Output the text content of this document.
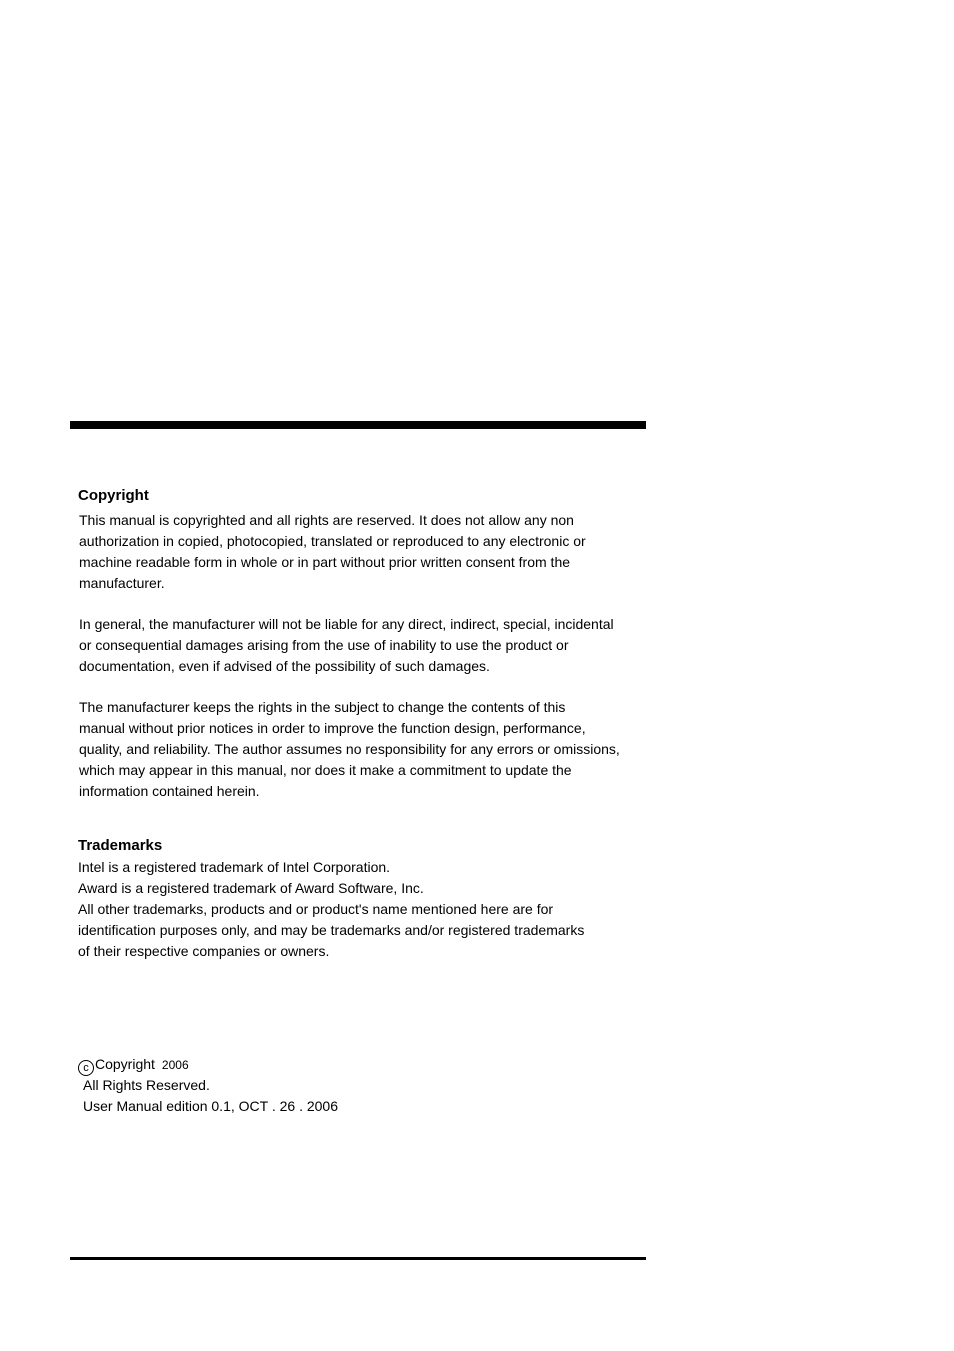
Copyright
This manual is copyrighted and all rights are reserved. It does not allow any non
authorization in copied, photocopied, translated or reproduced to any electronic or
machine readable form in whole or in part without prior written consent from the
manufacturer.
In general, the manufacturer will not be liable for any direct, indirect, special, incidental
or consequential damages arising from the use of inability to use the product or
documentation, even if advised of the possibility of such damages.
The manufacturer keeps the rights in the subject to change the contents of this
manual without prior notices in order to improve the function design, performance,
quality, and reliability. The author assumes no responsibility for any errors or omissions,
which may appear in this manual, nor does it make a commitment to update the
information contained herein.
Trademarks
Intel is a registered trademark of Intel Corporation.
Award is a registered trademark of Award Software, Inc.
All other trademarks, products and or product's name mentioned here are for
identification purposes only, and may be trademarks and/or registered trademarks
of their respective companies or owners.
c Copyright 2006
All Rights Reserved.
User Manual edition 0.1, OCT . 26 . 2006
